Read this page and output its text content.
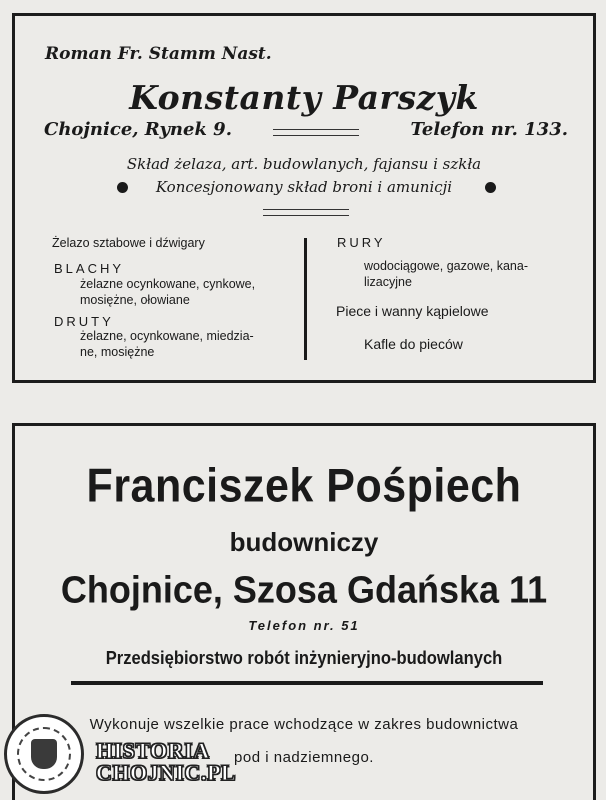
Roman Fr. Stamm Nast.
Konstanty Parszyk
Chojnice, Rynek 9.	Telefon nr. 133.
Skład żelaza, art. budowlanych, fajansu i szkła
Koncesjonowany skład broni i amunicji
Żelazo sztabowe i dźwigary
BLACHY
żelazne ocynkowane, cynkowe,
mosiężne, ołowiane
DRUTY
żelazne, ocynkowane, miedzia-
ne, mosiężne
RURY
wodociągowe, gazowe, kana-
lizacyjne
Piece i wanny kąpielowe
Kafle do pieców
Franciszek Pośpiech
budowniczy
Chojnice, Szosa Gdańska 11
Telefon nr. 51
Przedsiębiorstwo robót inżynieryjno-budowlanych
Wykonuje wszelkie prace wchodzące w zakres budownictwa
pod i nadziemnego.
HISTORIA
CHOJNIC.PL
